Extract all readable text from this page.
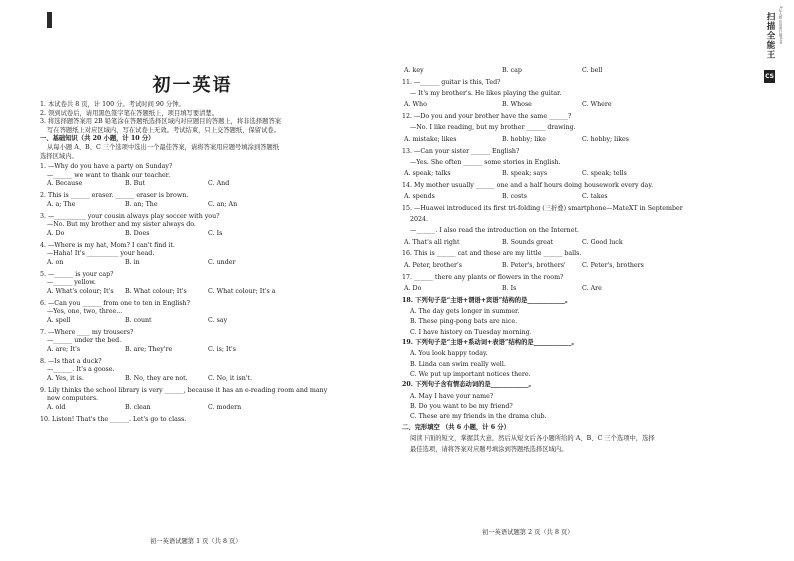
初一英语
1. 本试卷共 8 页，计 100 分。考试时间 90 分钟。
2. 领到试卷后，请用黑色签字笔在答题纸上，项目填写要清楚。
3. 将选择题答案用 2B 铅笔涂在答题纸选择区域内对应题目的答题上，将非选择题答案
写在答题纸上对应区域内，写在试卷上无效。考试结束，只上交答题纸，保留试卷。
一、基础知识（共 20 小题，计 10 分）
从每小题 A、B、C 三个选项中选出一个最佳答案，请将答案用应题号填涂到答题纸
选择区域内。
1. —Why do you have a party on Sunday?
—______ we want to thank our teacher.
A. Because	B. But	C. And
2. This is ______ eraser. ______ eraser is brown.
A. a; The	B. an; The	C. an; An
3. —__________ your cousin always play soccer with you?
—No. But my brother and my sister always do.
A. Do	B. Does	C. Is
4. —Where is my hat, Mom? I can't find it.
—Haha! It's __________ your head.
A. on	B. in	C. under
5. —______ is your cap?
—______ yellow.
A. What's colour; It's B. What colour; It's	C. What colour; It's a
6. —Can you ______ from one to ten in English?
—Yes, one, two, three...
A. spell	B. count	C. say
7. —Where ____ my trousers?
—______ under the bed.
A. are; It's	B. are; They're	C. is; It's
8. —Is that a duck?
—______. It's a goose.
A. Yes, it is.	B. No, they are not.	C. No, it isn't.
9. Lily thinks the school library is very ______, because it has an e-reading room and many
new computers.
A. old	B. clean	C. modern
10. Listen! That's the ______. Let's go to class.
初一英语试题第 1 页（共 8 页）
A. key	B. cap	C. bell
11. —______ guitar is this, Ted?
— It's my brother's. He likes playing the guitar.
A. Who	B. Whose	C. Where
12. —Do you and your brother have the same ______?
—No. I like reading, but my brother ______ drawing.
A. mistake; likes	B. hobby; like	C. hobby; likes
13. —Can your sister ______ English?
—Yes. She often ______ some stories in English.
A. speak; talks	B. speak; says	C. speak; tells
14. My mother usually ______ one and a half hours doing housework every day.
A. spends	B. costs	C. takes
15. —Huawei introduced its first tri-folding (三折叠) smartphone—MateXT in September
2024.
—______. I also read the introduction on the Internet.
A. That's all right	B. Sounds great	C. Good luck
16. This is ______ cat and these are my little ______ balls.
A. Peter, brother's	B. Peter's, brothers'	C. Peter's, brothers
17. ______ there any plants or flowers in the room?
A. Do	B. Is	C. Are
18. 下列句子是“主语+谓语+宾语”结构的是____________。
A. The day gets longer in summer.
B. These ping-pong bats are nice.
C. I have history on Tuesday morning.
19. 下列句子是“主语+系动词+表语”结构的是____________。
A. You look happy today.
B. Linda can swim really well.
C. We put up important notices there.
20. 下列句子含有情态动词的是____________。
A. May I have your name?
B. Do you want to be my friend?
C. These are my friends in the drama club.
二、完形填空 （共 6 小题，计 6 分）
阅读下面的短文，掌握其大意，然后从短文后各小题所给的 A、B、C 三个选项中，选择
最佳选项，请将答案对应题号填涂到答题纸选择区域内。
初一英语试题第 2 页（共 8 页）
扫描全能王
CS
3亿人都在用的扫描App
